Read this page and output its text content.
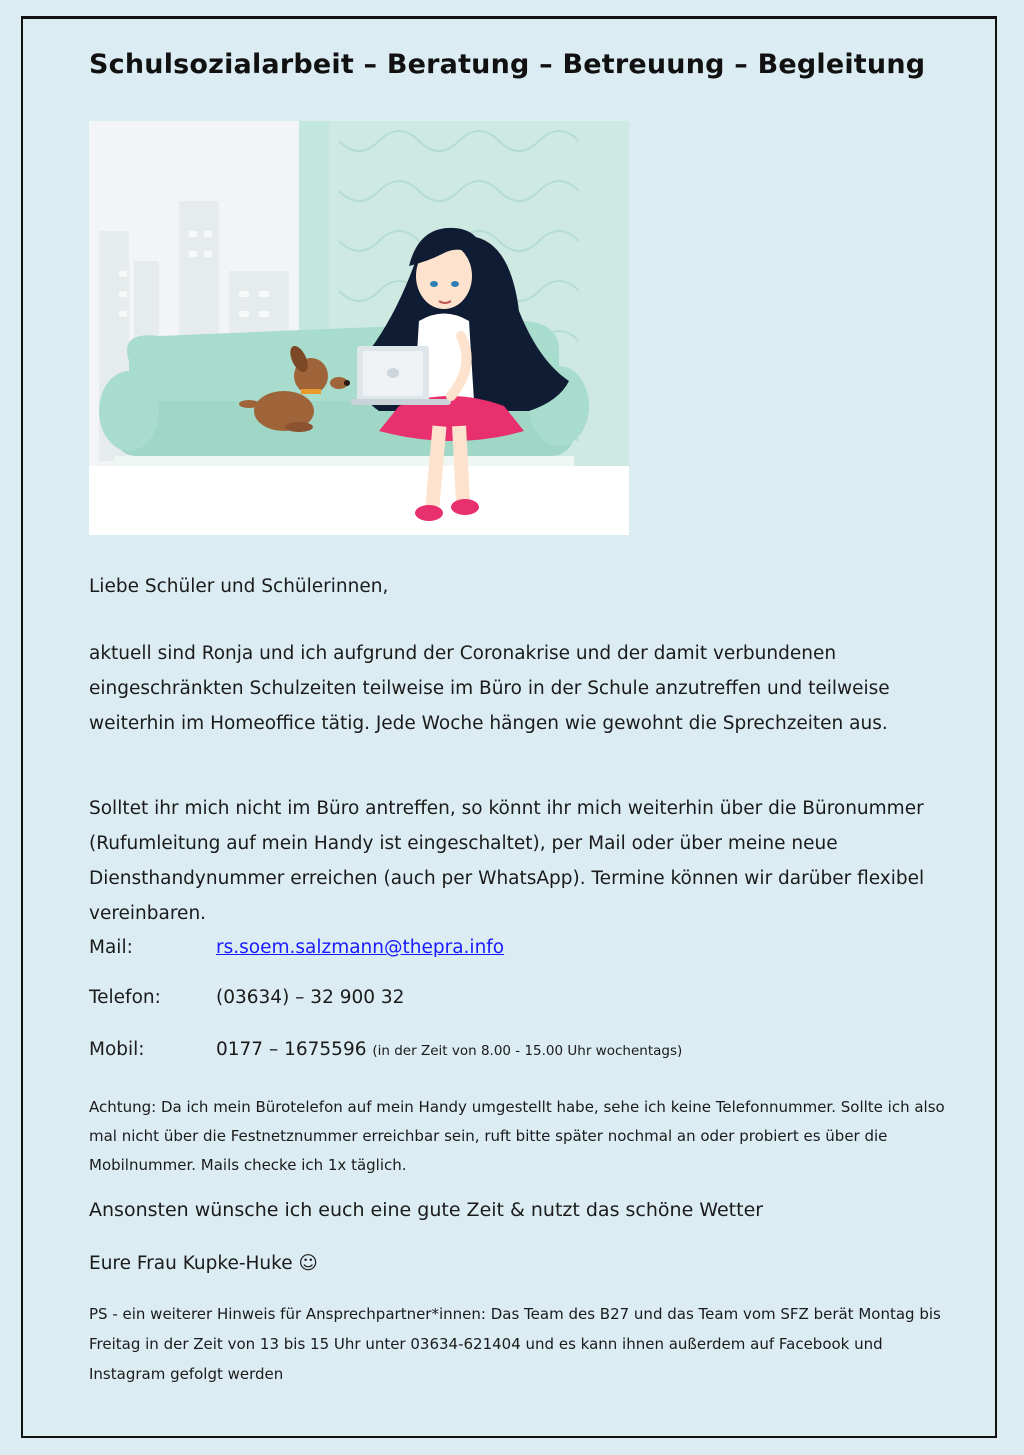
Schulsozialarbeit – Beratung – Betreuung – Begleitung

Liebe Schüler und Schülerinnen,

aktuell sind Ronja und ich aufgrund der Coronakrise und der damit verbundenen eingeschränkten Schulzeiten teilweise im Büro in der Schule anzutreffen und teilweise weiterhin im Homeoffice tätig. Jede Woche hängen wie gewohnt die Sprechzeiten aus.

Solltet ihr mich nicht im Büro antreffen, so könnt ihr mich weiterhin über die Büronummer (Rufumleitung auf mein Handy ist eingeschaltet), per Mail oder über meine neue Diensthandynummer erreichen (auch per WhatsApp). Termine können wir darüber flexibel vereinbaren.

Mail:	rs.soem.salzmann@thepra.info
Telefon:	(03634) – 32 900 32
Mobil:	0177 – 1675596 (in der Zeit von 8.00 - 15.00 Uhr wochentags)

Achtung: Da ich mein Bürotelefon auf mein Handy umgestellt habe, sehe ich keine Telefonnummer. Sollte ich also mal nicht über die Festnetznummer erreichbar sein, ruft bitte später nochmal an oder probiert es über die Mobilnummer. Mails checke ich 1x täglich.

Ansonsten wünsche ich euch eine gute Zeit & nutzt das schöne Wetter

Eure Frau Kupke-Huke ☺

PS - ein weiterer Hinweis für Ansprechpartner*innen: Das Team des B27 und das Team vom SFZ berät Montag bis Freitag in der Zeit von 13 bis 15 Uhr unter 03634-621404 und es kann ihnen außerdem auf Facebook und Instagram gefolgt werden
